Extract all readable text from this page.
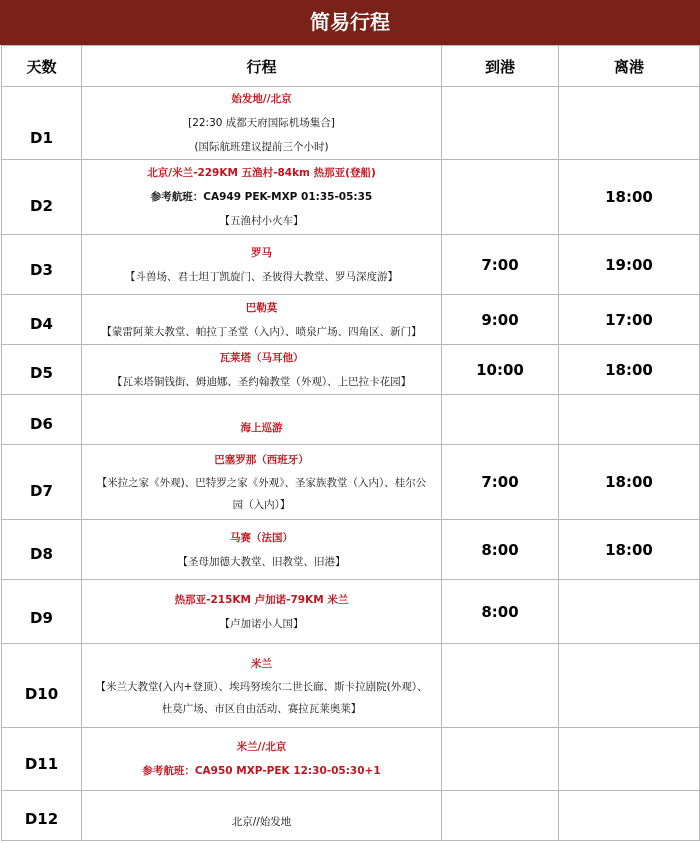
简易行程
天数	行程	到港	离港

D1	始发地//北京
[22:30 成都天府国际机场集合]
(国际航班建议提前三个小时)		

D2	北京/米兰-229KM 五渔村-84km 热那亚(登船)
参考航班：CA949 PEK-MXP 01:35-05:35
【五渔村小火车】		18:00

D3	罗马
【斗兽场、君士坦丁凯旋门、圣彼得大教堂、罗马深度游】	7:00	19:00

D4	巴勒莫
【蒙雷阿莱大教堂、帕拉丁圣堂（入内）、喷泉广场、四角区、新门】	9:00	17:00

D5	瓦莱塔（马耳他）
【瓦来塔铜钱街、姆迪娜、圣约翰教堂（外观）、上巴拉卡花园】	10:00	18:00

D6	海上巡游		

D7	巴塞罗那（西班牙）
【米拉之家《外观)、巴特罗之家《外观》、圣家族教堂（入内）、桂尔公园（入内）】	7:00	18:00

D8	马赛（法国）
【圣母加德大教堂、旧教堂、旧港】	8:00	18:00

D9	热那亚-215KM 卢加诺-79KM 米兰
【卢加诺小人国】	8:00	

D10	米兰
【米兰大教堂(入内+登顶）、埃玛努埃尔二世长廊、斯卡拉剧院(外观）、杜莫广场、市区自由活动、赛拉瓦莱奥莱】		

D11	米兰//北京
参考航班：CA950 MXP-PEK 12:30-05:30+1		

D12	北京//始发地		
